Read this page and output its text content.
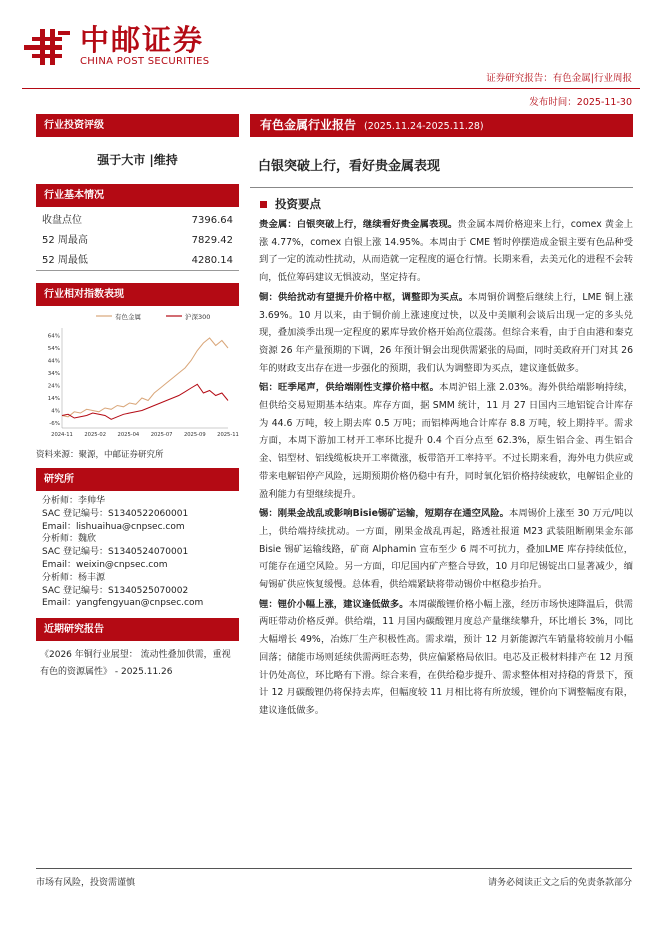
中邮证券
CHINA POST SECURITIES
证券研究报告：有色金属|行业周报
发布时间：2025-11-30
行业投资评级
强于大市 |维持
行业基本情况
收盘点位	7396.64
52 周最高	7829.42
52 周最低	4280.14
行业相对指数表现
有色金属	沪深300
64%
54%
44%
34%
24%
14%
4%
-6%
2024-11 2025-02 2025-04 2025-07 2025-09 2025-11
资料来源：聚源，中邮证券研究所
研究所
分析师：李帅华
SAC 登记编号：S1340522060001
Email：lishuaihua@cnpsec.com
分析师：魏欣
SAC 登记编号：S1340524070001
Email：weixin@cnpsec.com
分析师：杨丰源
SAC 登记编号：S1340525070002
Email：yangfengyuan@cnpsec.com
近期研究报告
《2026 年铜行业展望： 流动性叠加供需，重视有色的资源属性》 - 2025.11.26
有色金属行业报告 (2025.11.24-2025.11.28)
白银突破上行，看好贵金属表现
投资要点
贵金属：白银突破上行，继续看好贵金属表现。贵金属本周价格迎来上行，comex 黄金上涨 4.77%，comex 白银上涨 14.95%。本周由于 CME 暂时停摆造成金银主要有色品种受到了一定的流动性扰动，从而造就一定程度的逼仓行情。长期来看，去美元化的进程不会转向，低位筹码建议无惧波动，坚定持有。
铜：供给扰动有望提升价格中枢，调整即为买点。本周铜价调整后继续上行，LME 铜上涨 3.69%。10 月以来，由于铜价前上涨速度过快，以及中美顺利会谈后出现一定的多头兑现，叠加淡季出现一定程度的累库导致价格开始高位震荡。但综合来看，由于自由港和秦克资源 26 年产量预期的下调，26 年预计铜会出现供需紧张的局面，同时美政府开门对其 26 年的财政支出存在进一步强化的预期，我们认为调整即为买点，建议逢低做多。
铝：旺季尾声，供给端刚性支撑价格中枢。本周沪铝上涨 2.03%。海外供给端影响持续，但供给交易短期基本结束。库存方面，据 SMM 统计，11 月 27 日国内三地铝锭合计库存为 44.6 万吨，较上期去库 0.5 万吨；而铝棒两地合计库存 8.8 万吨，较上期持平。需求方面，本周下游加工材开工率环比提升 0.4 个百分点至 62.3%，原生铝合金、再生铝合金、铝型材、铝线缆板块开工率微涨，板带箔开工率持平。不过长期来看，海外电力供应或带来电解铝停产风险，远期预期价格仍稳中有升，同时氧化铝价格持续疲软，电解铝企业的盈利能力有望继续提升。
锡：刚果金战乱或影响Bisie锡矿运输，短期存在通空风险。本周锡价上涨至 30 万元/吨以上，供给端持续扰动。一方面，刚果金战乱再起，路透社报道 M23 武装阻断刚果金东部Bisie 锡矿运输线路，矿商 Alphamin 宣布至少 6 周不可抗力，叠加LME 库存持续低位，可能存在通空风险。另一方面，印尼国内矿产整合导致，10 月印尼锡锭出口显著减少，缅甸锡矿供应恢复缓慢。总体看，供给端紧缺将带动锡价中枢稳步抬升。
锂：锂价小幅上涨，建议逢低做多。本周碳酸锂价格小幅上涨，经历市场快速降温后，供需两旺带动价格反弹。供给端，11 月国内碳酸锂月度总产量继续攀升，环比增长 3%，同比大幅增长 49%，冶炼厂生产积极性高。需求端，预计 12 月新能源汽车销量将较前月小幅回落；储能市场则延续供需两旺态势，供应偏紧格局依旧。电芯及正极材料排产在 12 月预计仍处高位，环比略有下滑。综合来看，在供给稳步提升、需求整体相对持稳的背景下，预计 12 月碳酸锂仍将保持去库，但幅度较 11 月相比将有所放缓，锂价向下调整幅度有限，建议逢低做多。
市场有风险，投资需谨慎	请务必阅读正文之后的免责条款部分
